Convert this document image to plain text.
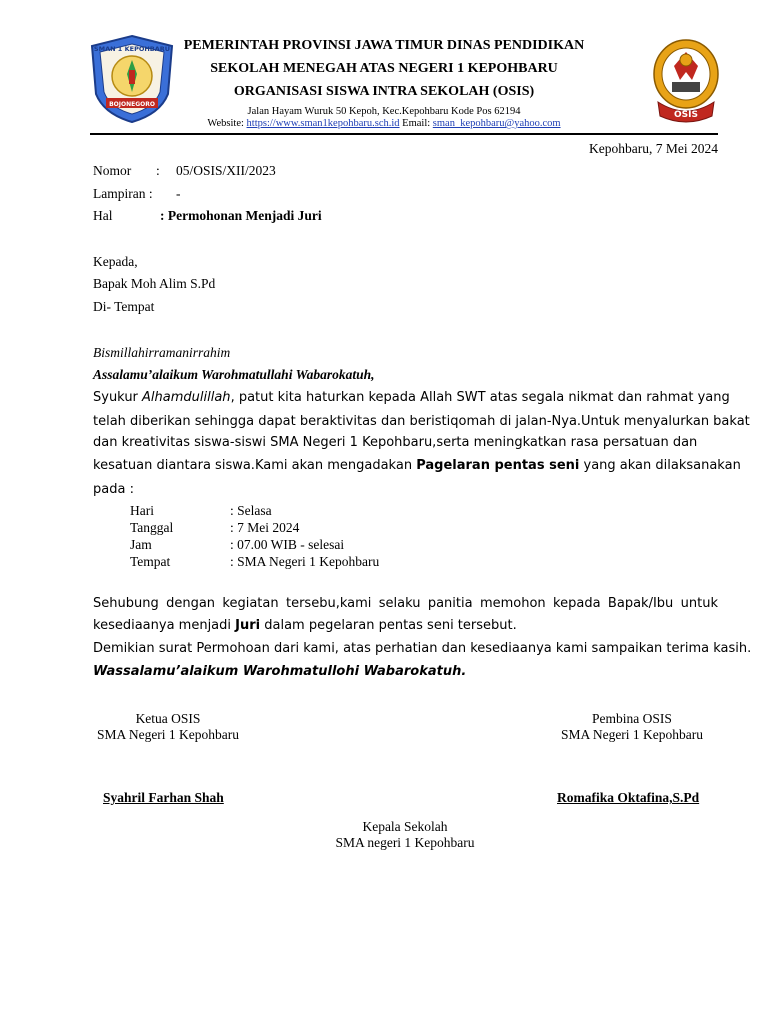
BOJONEGORO
SMAN 1 KEPOHBARU
OSIS
PEMERINTAH PROVINSI JAWA TIMUR DINAS PENDIDIKAN
SEKOLAH MENEGAH ATAS NEGERI 1 KEPOHBARU
ORGANISASI SISWA INTRA SEKOLAH (OSIS)
Jalan Hayam Wuruk 50 Kepoh, Kec.Kepohbaru Kode Pos 62194
Website: https://www.sman1kepohbaru.sch.id Email: sman_kepohbaru@yahoo.com
Kepohbaru, 7 Mei 2024
Nomor : 05/OSIS/XII/2023
Lampiran : -
Hal	: Permohonan Menjadi Juri
Kepada,
Bapak Moh Alim S.Pd
Di- Tempat
Bismillahirramanirrahim
Assalamu’alaikum Warohmatullahi Wabarokatuh,
Syukur Alhamdulillah, patut kita haturkan kepada Allah SWT atas segala nikmat dan rahmat yang
telah diberikan sehingga dapat beraktivitas dan beristiqomah di jalan-Nya.Untuk menyalurkan bakat
dan kreativitas siswa-siswi SMA Negeri 1 Kepohbaru,serta meningkatkan rasa persatuan dan
kesatuan diantara siswa.Kami akan mengadakan Pagelaran pentas seni yang akan dilaksanakan
pada :
Hari	: Selasa
Tanggal	: 7 Mei 2024
Jam	: 07.00 WIB - selesai
Tempat	: SMA Negeri 1 Kepohbaru
Sehubung dengan kegiatan tersebu,kami selaku panitia memohon kepada Bapak/Ibu untuk
kesediaanya menjadi Juri dalam pegelaran pentas seni tersebut.
Demikian surat Permohoan dari kami, atas perhatian dan kesediaanya kami sampaikan terima kasih.
Wassalamu’alaikum Warohmatullohi Wabarokatuh.
Ketua OSIS
SMA Negeri 1 Kepohbaru
Syahril Farhan Shah
Pembina OSIS
SMA Negeri 1 Kepohbaru
Romafika Oktafina,S.Pd
Kepala Sekolah
SMA negeri 1 Kepohbaru
